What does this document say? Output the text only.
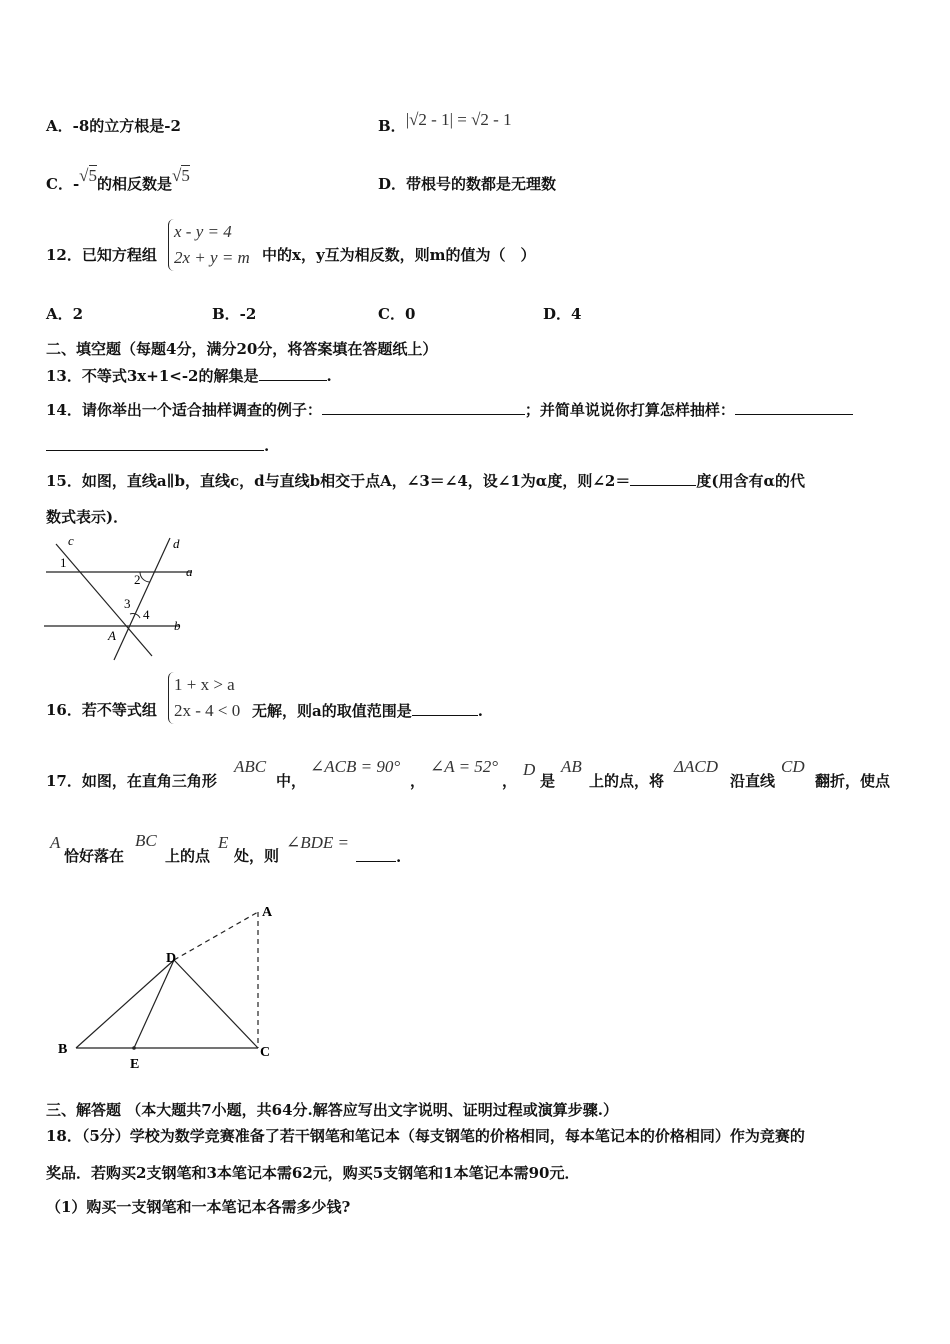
A．-8的立方根是-2	B．|√2 - 1| = √2 - 1
C．-√5的相反数是√5	D．带根号的数都是无理数
12．已知方程组
x - y = 4
2x + y = m 中的x，y互为相反数，则m的值为（　）
A．2	B．-2	C．0	D．4
二、填空题（每题4分，满分20分，将答案填在答题纸上）
13．不等式3x+1<-2的解集是	.
14．请你举出一个适合抽样调查的例子：	；并简单说说你打算怎样抽样：
.
15．如图，直线a∥b，直线c，d与直线b相交于点A，∠3＝∠4，设∠1为α度，则∠2＝	度(用含有α的代
数式表示)．
c	d
a
b
1
2
3
4
A
16．若不等式组
1 + x > a
2x - 4 < 0 无解，则a的取值范围是	.
17．如图，在直角三角形
ABC
中，
∠ACB = 90°
，
∠A = 52°
，
D
是
AB
上的点，将
ΔACD
沿直线
CD
翻折，使点
A
恰好落在
BC
上的点
E
处，则
∠BDE =
.
A
B	C
D
E
三、解答题 （本大题共7小题，共64分.解答应写出文字说明、证明过程或演算步骤.）
18．（5分）学校为数学竞赛准备了若干钢笔和笔记本（每支钢笔的价格相同，每本笔记本的价格相同）作为竞赛的
奖品．若购买2支钢笔和3本笔记本需62元，购买5支钢笔和1本笔记本需90元．
（1）购买一支钢笔和一本笔记本各需多少钱?
